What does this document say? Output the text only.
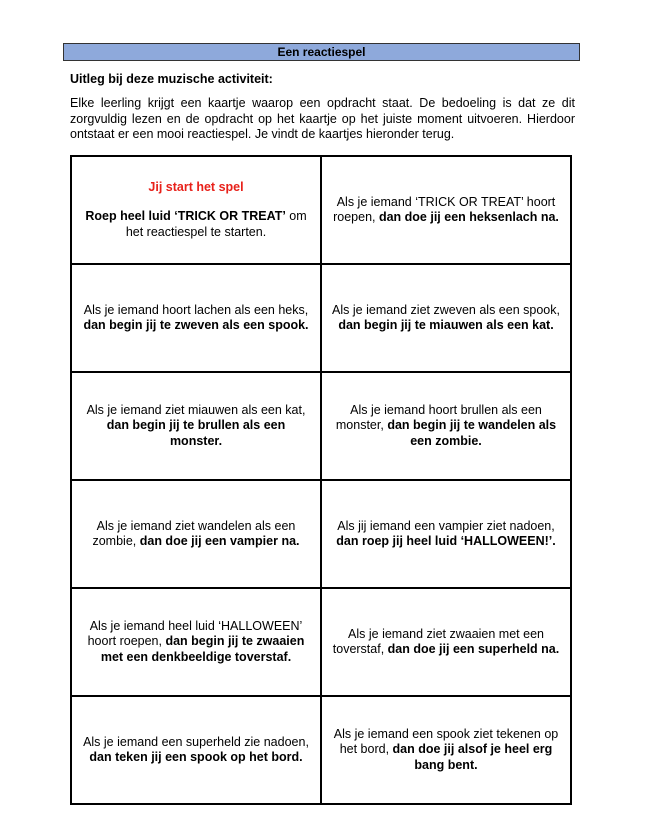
Een reactiespel
Uitleg bij deze muzische activiteit:
Elke leerling krijgt een kaartje waarop een opdracht staat. De bedoeling is dat ze dit zorgvuldig lezen en de opdracht op het kaartje op het juiste moment uitvoeren. Hierdoor ontstaat er een mooi reactiespel. Je vindt de kaartjes hieronder terug.
Jij start het spel
Roep heel luid ‘TRICK OR TREAT’ om het reactiespel te starten.	Als je iemand ‘TRICK OR TREAT’ hoort roepen, dan doe jij een heksenlach na.
Als je iemand hoort lachen als een heks, dan begin jij te zweven als een spook.	Als je iemand ziet zweven als een spook, dan begin jij te miauwen als een kat.
Als je iemand ziet miauwen als een kat, dan begin jij te brullen als een monster.	Als je iemand hoort brullen als een monster, dan begin jij te wandelen als een zombie.
Als je iemand ziet wandelen als een zombie, dan doe jij een vampier na.	Als jij iemand een vampier ziet nadoen, dan roep jij heel luid ‘HALLOWEEN!’.
Als je iemand heel luid ‘HALLOWEEN’ hoort roepen, dan begin jij te zwaaien met een denkbeeldige toverstaf.	Als je iemand ziet zwaaien met een toverstaf, dan doe jij een superheld na.
Als je iemand een superheld zie nadoen, dan teken jij een spook op het bord.	Als je iemand een spook ziet tekenen op het bord, dan doe jij alsof je heel erg bang bent.
